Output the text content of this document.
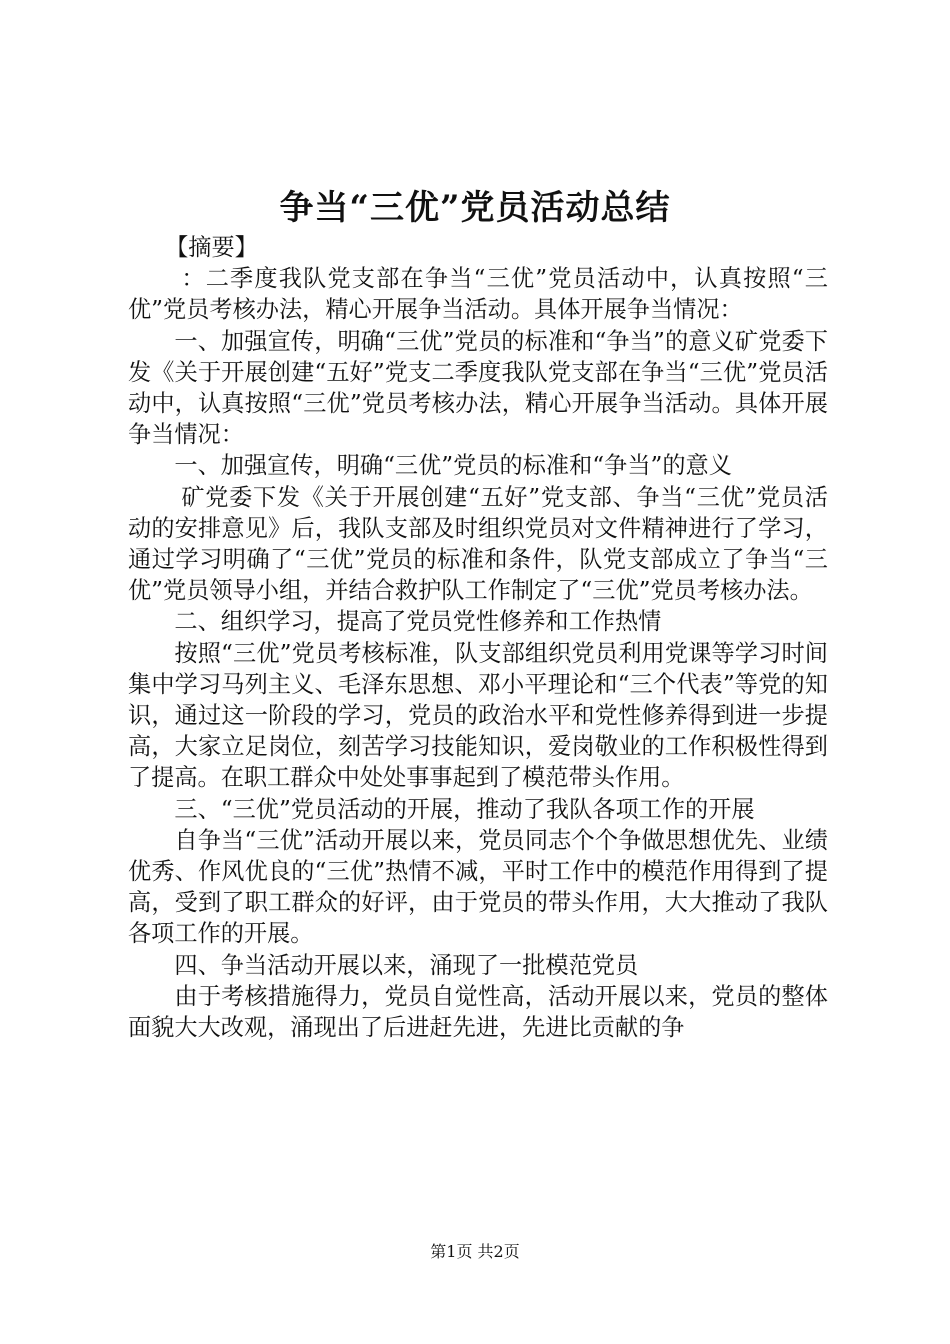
争当“三优”党员活动总结

【摘要】

：二季度我队党支部在争当“三优”党员活动中，认真按照“三优”党员考核办法，精心开展争当活动。具体开展争当情况：

一、加强宣传，明确“三优”党员的标准和“争当”的意义矿党委下发《关于开展创建“五好”党支二季度我队党支部在争当“三优”党员活动中，认真按照“三优”党员考核办法，精心开展争当活动。具体开展争当情况：

一、加强宣传，明确“三优”党员的标准和“争当”的意义

矿党委下发《关于开展创建“五好”党支部、争当“三优”党员活动的安排意见》后，我队支部及时组织党员对文件精神进行了学习，通过学习明确了“三优”党员的标准和条件，队党支部成立了争当“三优”党员领导小组，并结合救护队工作制定了“三优”党员考核办法。

二、组织学习，提高了党员党性修养和工作热情

按照“三优”党员考核标准，队支部组织党员利用党课等学习时间集中学习马列主义、毛泽东思想、邓小平理论和“三个代表”等党的知识，通过这一阶段的学习，党员的政治水平和党性修养得到进一步提高，大家立足岗位，刻苦学习技能知识，爱岗敬业的工作积极性得到了提高。在职工群众中处处事事起到了模范带头作用。

三、“三优”党员活动的开展，推动了我队各项工作的开展

自争当“三优”活动开展以来，党员同志个个争做思想优先、业绩优秀、作风优良的“三优”热情不减，平时工作中的模范作用得到了提高，受到了职工群众的好评，由于党员的带头作用，大大推动了我队各项工作的开展。

四、争当活动开展以来，涌现了一批模范党员

由于考核措施得力，党员自觉性高，活动开展以来，党员的整体面貌大大改观，涌现出了后进赶先进，先进比贡献的争

第1页 共2页
